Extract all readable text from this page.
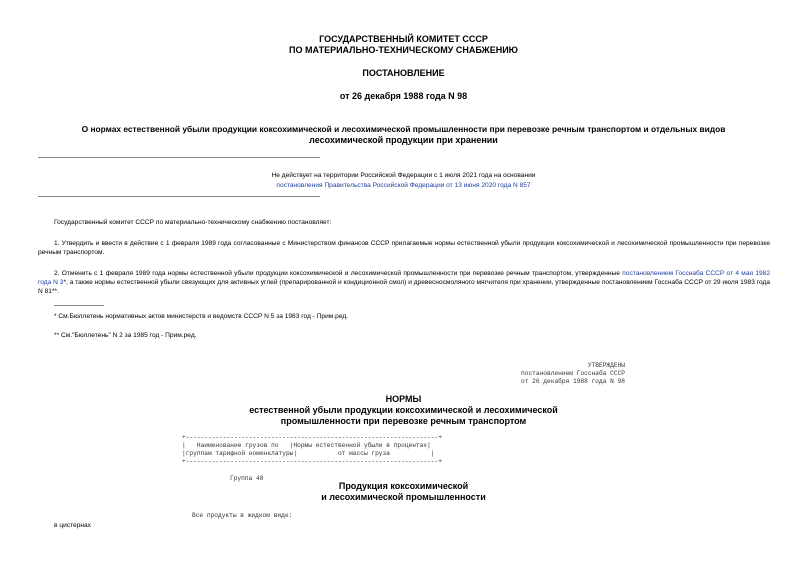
ГОСУДАРСТВЕННЫЙ КОМИТЕТ СССР
ПО МАТЕРИАЛЬНО-ТЕХНИЧЕСКОМУ СНАБЖЕНИЮ
ПОСТАНОВЛЕНИЕ
от 26 декабря 1988 года N 98
О нормах естественной убыли продукции коксохимической и лесохимической промышленности при перевозке речным транспортом и отдельных видов
лесохимической продукции при хранении
Не действует на территории Российской Федерации с 1 июля 2021 года на основании
постановления Правительства Российской Федерации от 13 июня 2020 года N 857
Государственный комитет СССР по материально-техническому снабжению постановляет:
1. Утвердить и ввести в действие с 1 февраля 1989 года согласованные с Министерством финансов СССР прилагаемые нормы естественной убыли продукции коксохимической и лесохимической промышленности при перевозке речным транспортом.
2. Отменить с 1 февраля 1989 года нормы естественной убыли продукции коксохимической и лесохимической промышленности при перевозке речным транспортом, утвержденные постановлением Госснаба СССР от 4 мая 1982 года N 3*, а также нормы естественной убыли связующих для активных углей (препарированной и кондиционной смол) и древесносмоляного мягчителя при хранении, утвержденные постановлением Госснаба СССР от 29 июля 1983 года N 81**.
* См.Бюллетень нормативных актов министерств и ведомств СССР N 5 за 1983 год - Прим.ред.
** См."Бюллетень" N 2 за 1985 год - Прим.ред.
УТВЕРЖДЕНЫ
постановлением Госснаба СССР
от 26 декабря 1988 года N 98
НОРМЫ
естественной убыли продукции коксохимической и лесохимической
промышленности при перевозке речным транспортом
+--------------------------------------------------------------------+
|   Наименование грузов по   |Нормы естественной убыли в процентах|
|группам тарифной номенклатуры|           от массы груза           |
+--------------------------------------------------------------------+
Группа 48
Продукция коксохимической
и лесохимической промышленности
Все продукты в жидком виде:
в цистернах
